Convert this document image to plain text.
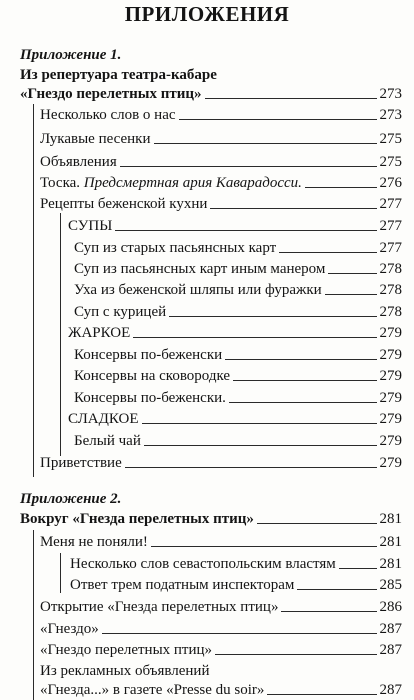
ПРИЛОЖЕНИЯ
Приложение 1.
Из репертуара театра-кабаре
«Гнездо перелетных птиц»	273
Несколько слов о нас	273
Лукавые песенки	275
Объявления	275
Тоска. Предсмертная ария Каварадосси.	276
Рецепты беженской кухни	277
СУПЫ	277
Суп из старых пасьянсных карт	277
Суп из пасьянсных карт иным манером	278
Уха из беженской шляпы или фуражки	278
Суп с курицей	278
ЖАРКОЕ	279
Консервы по-беженски	279
Консервы на сковородке	279
Консервы по-беженски.	279
СЛАДКОЕ	279
Белый чай	279
Приветствие	279
Приложение 2.
Вокруг «Гнезда перелетных птиц»	281
Меня не поняли!	281
Несколько слов севастопольским властям	281
Ответ трем податным инспекторам	285
Открытие «Гнезда перелетных птиц»	286
«Гнездо»	287
«Гнездо перелетных птиц»	287
Из рекламных объявлений
«Гнезда...» в газете «Presse du soir»	287
